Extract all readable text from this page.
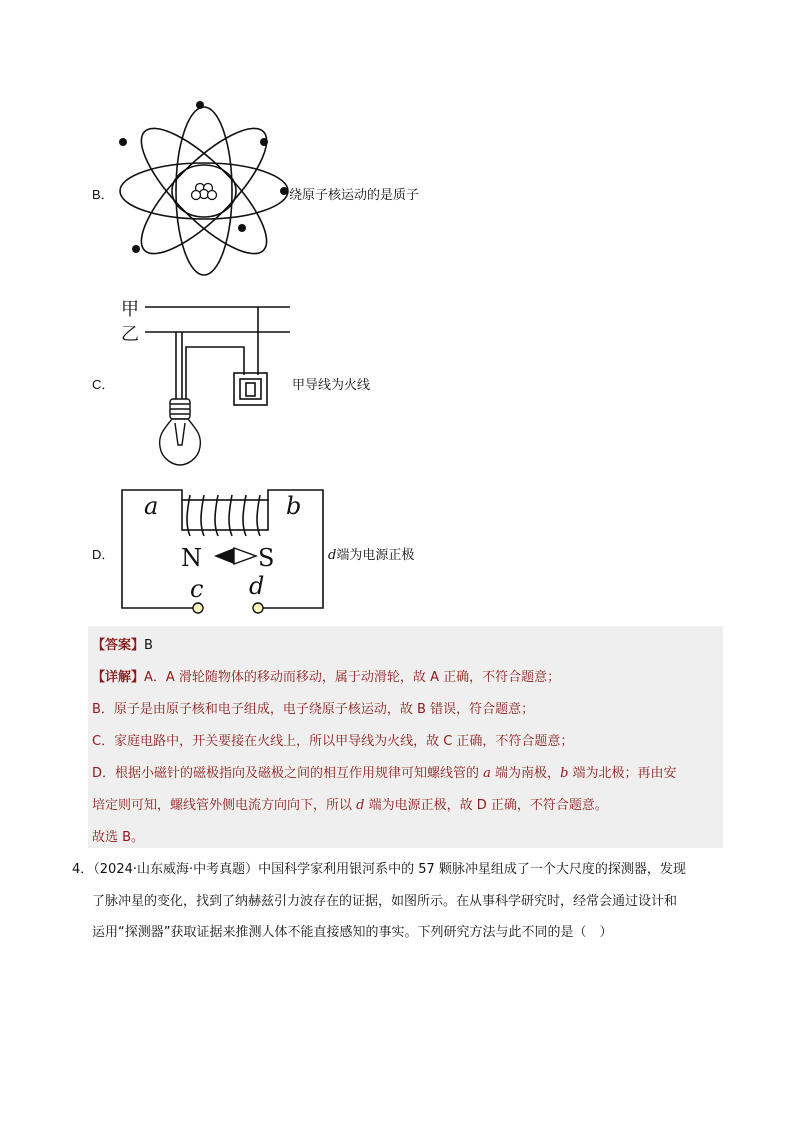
B．	绕原子核运动的是质子
C．
甲
乙
甲导线为火线
D．
a	b
N S
c d
d端为电源正极
【答案】B
【详解】A．A 滑轮随物体的移动而移动，属于动滑轮，故 A 正确，不符合题意；
B．原子是由原子核和电子组成，电子绕原子核运动，故 B 错误，符合题意；
C．家庭电路中，开关要接在火线上，所以甲导线为火线，故 C 正确，不符合题意；
D．根据小磁针的磁极指向及磁极之间的相互作用规律可知螺线管的 a 端为南极，b 端为北极；再由安
培定则可知，螺线管外侧电流方向向下，所以 d 端为电源正极，故 D 正确，不符合题意。
故选 B。
4．（2024·山东威海·中考真题）中国科学家利用银河系中的 57 颗脉冲星组成了一个大尺度的探测器，发现
了脉冲星的变化，找到了纳赫兹引力波存在的证据，如图所示。在从事科学研究时，经常会通过设计和
运用“探测器”获取证据来推测人体不能直接感知的事实。下列研究方法与此不同的是（　）
